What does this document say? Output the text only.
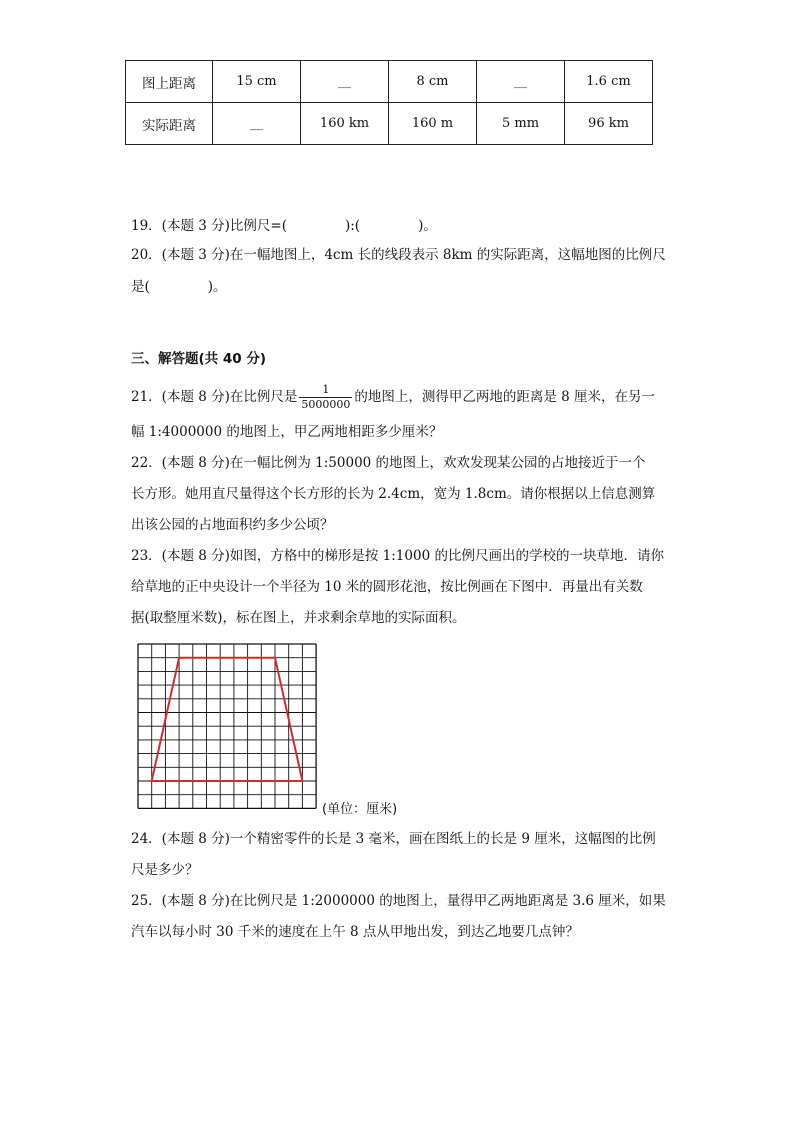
图上距离	15 cm	__	8 cm	__	1.6 cm
实际距离	__	160 km	160 m	5 mm	96 km
19．(本题 3 分)比例尺=(	):(	)。
20．(本题 3 分)在一幅地图上，4cm 长的线段表示 8km 的实际距离，这幅地图的比例尺
是(	)。
三、解答题(共 40 分)
21．(本题 8 分)在比例尺是 $\frac{1}{5000000}$ 的地图上，测得甲乙两地的距离是 8 厘米，在另一
幅 1:4000000 的地图上，甲乙两地相距多少厘米？
22．(本题 8 分)在一幅比例为 1:50000 的地图上，欢欢发现某公园的占地接近于一个
长方形。她用直尺量得这个长方形的长为 2.4cm，宽为 1.8cm。请你根据以上信息测算
出该公园的占地面积约多少公顷？
23．(本题 8 分)如图，方格中的梯形是按 1:1000 的比例尺画出的学校的一块草地．请你
给草地的正中央设计一个半径为 10 米的圆形花池，按比例画在下图中．再量出有关数
据(取整厘米数)，标在图上，并求剩余草地的实际面积。
(单位：厘米)
24．(本题 8 分)一个精密零件的长是 3 毫米，画在图纸上的长是 9 厘米，这幅图的比例
尺是多少？
25．(本题 8 分)在比例尺是 1:2000000 的地图上，量得甲乙两地距离是 3.6 厘米，如果
汽车以每小时 30 千米的速度在上午 8 点从甲地出发，到达乙地要几点钟？
